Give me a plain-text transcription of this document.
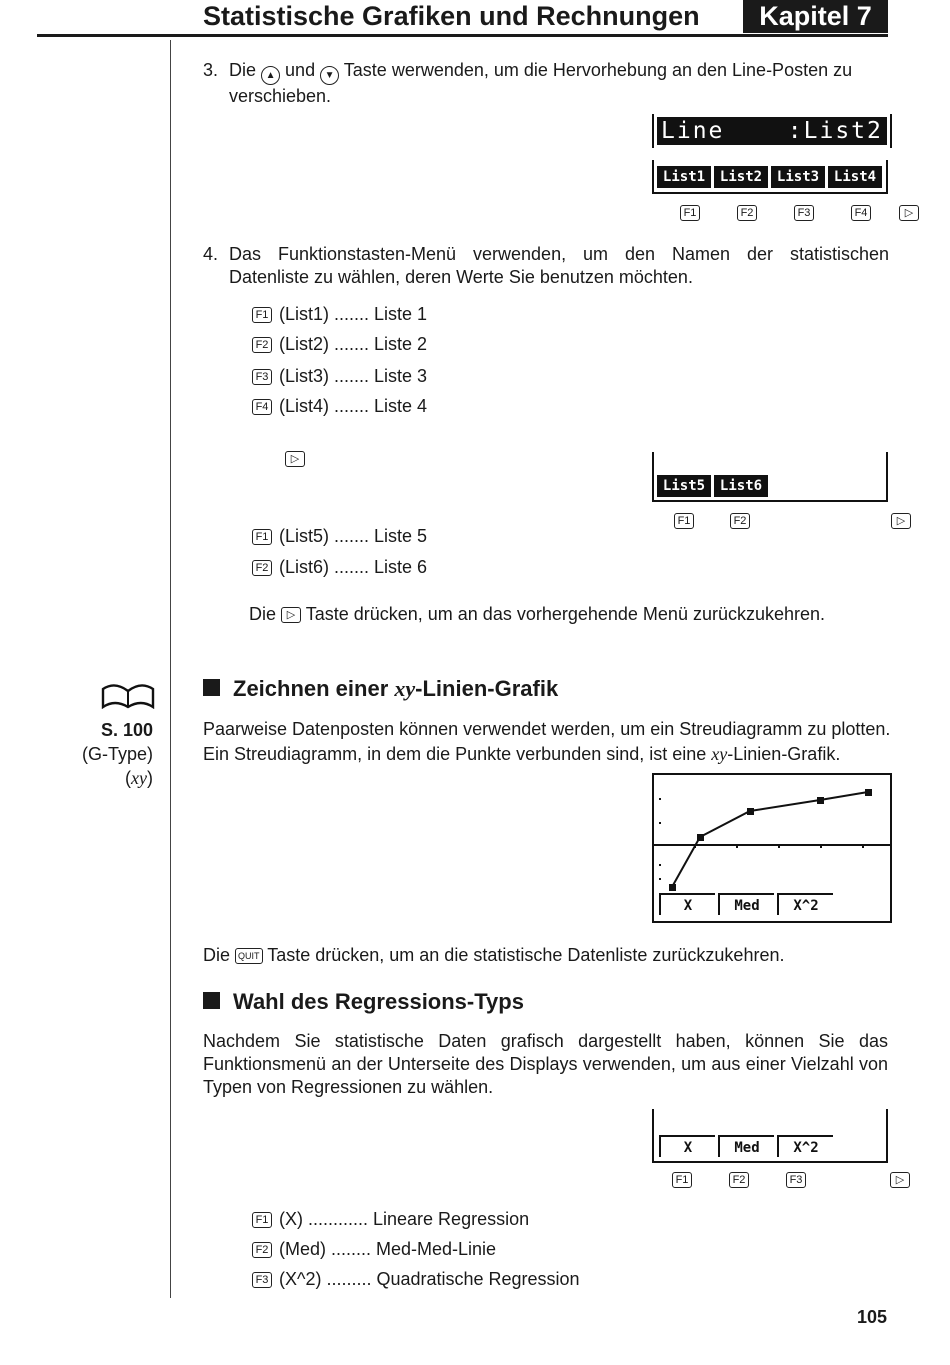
Statistische Grafiken und Rechnungen	Kapitel 7
3. Die ▲ und ▼ Taste werwenden, um die Hervorhebung an den Line-Posten zu verschieben.
Line    :List2
List1	List2	List3	List4
F1	F2	F3	F4	▷
4. Das Funktionstasten-Menü verwenden, um den Namen der statistischen Datenliste zu wählen, deren Werte Sie benutzen möchten.
F1 (List1) ....... Liste 1
F2 (List2) ....... Liste 2
F3 (List3) ....... Liste 3
F4 (List4) ....... Liste 4
▷
List5	List6
F1	F2	▷
F1 (List5) ....... Liste 5
F2 (List6) ....... Liste 6
Die ▷ Taste drücken, um an das vorhergehende Menü zurückzukehren.
S. 100
(G-Type)
(xy)
Zeichnen einer xy-Linien-Grafik
Paarweise Datenposten können verwendet werden, um ein Streudiagramm zu plotten.
Ein Streudiagramm, in dem die Punkte verbunden sind, ist eine xy-Linien-Grafik.
X	Med	X^2
Die QUIT Taste drücken, um an die statistische Datenliste zurückzukehren.
Wahl des Regressions-Typs
Nachdem Sie statistische Daten grafisch dargestellt haben, können Sie das Funktionsmenü an der Unterseite des Displays verwenden, um aus einer Vielzahl von Typen von Regressionen zu wählen.
X	Med	X^2
F1	F2	F3	▷
F1 (X) ............ Lineare Regression
F2 (Med) ........ Med-Med-Linie
F3 (X^2) ......... Quadratische Regression
105
